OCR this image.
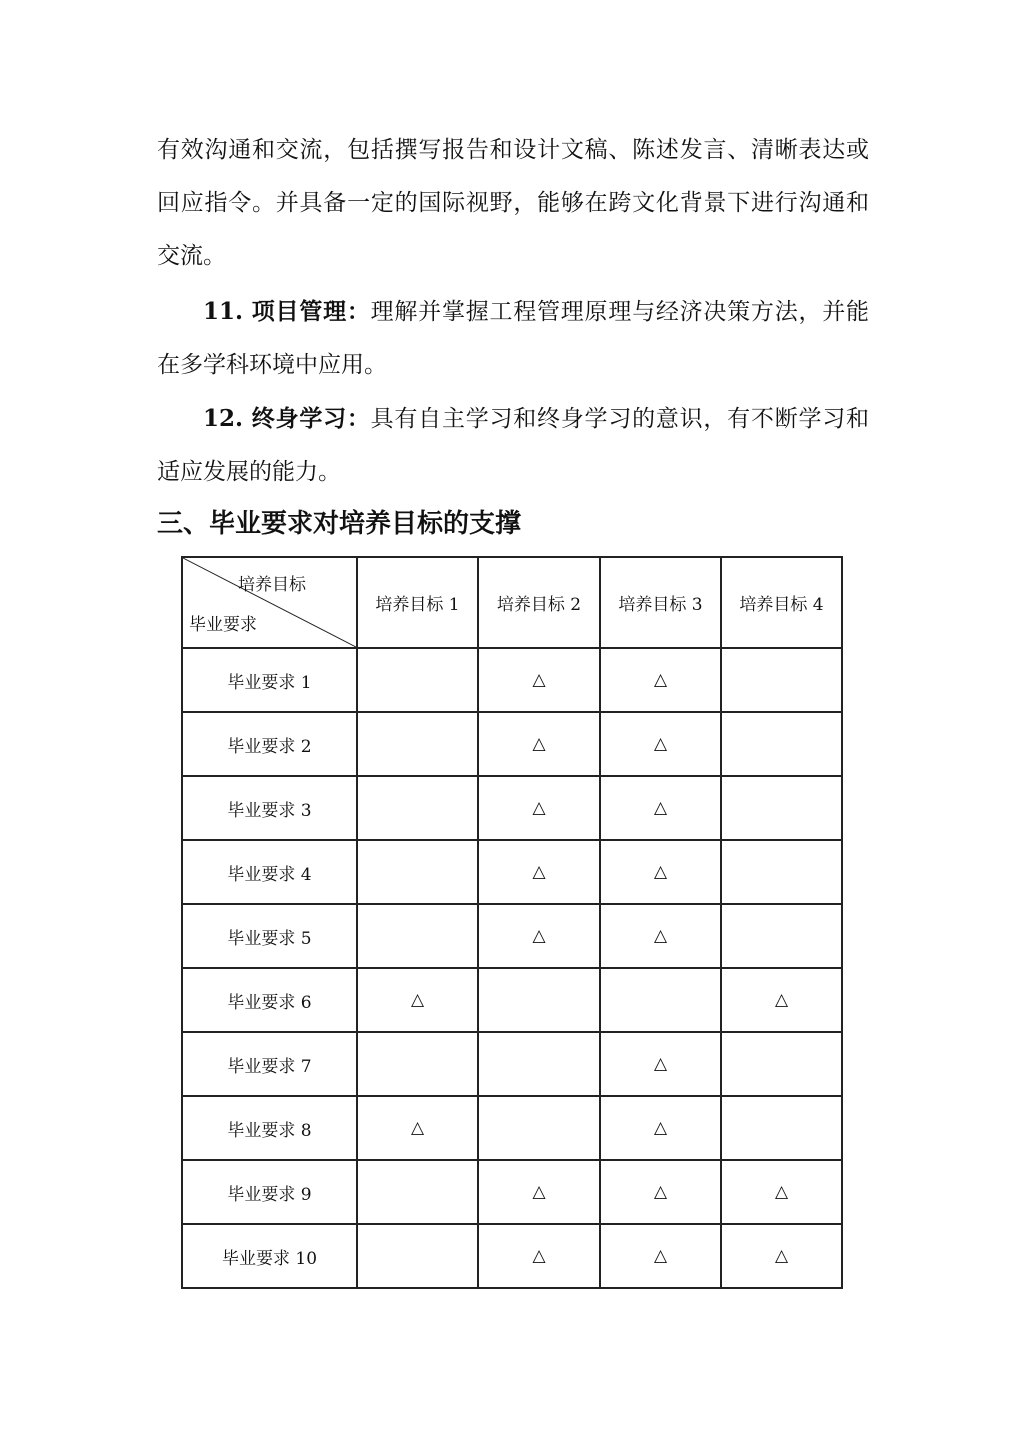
有效沟通和交流，包括撰写报告和设计文稿、陈述发言、清晰表达或回应指令。并具备一定的国际视野，能够在跨文化背景下进行沟通和交流。

11. 项目管理：理解并掌握工程管理原理与经济决策方法，并能在多学科环境中应用。

12. 终身学习：具有自主学习和终身学习的意识，有不断学习和适应发展的能力。

三、毕业要求对培养目标的支撑
培养目标
毕业要求	培养目标 1	培养目标 2	培养目标 3	培养目标 4
毕业要求 1		△	△	
毕业要求 2		△	△	
毕业要求 3		△	△	
毕业要求 4		△	△	
毕业要求 5		△	△	
毕业要求 6	△			△
毕业要求 7			△	
毕业要求 8	△		△	
毕业要求 9		△	△	△
毕业要求 10		△	△	△
